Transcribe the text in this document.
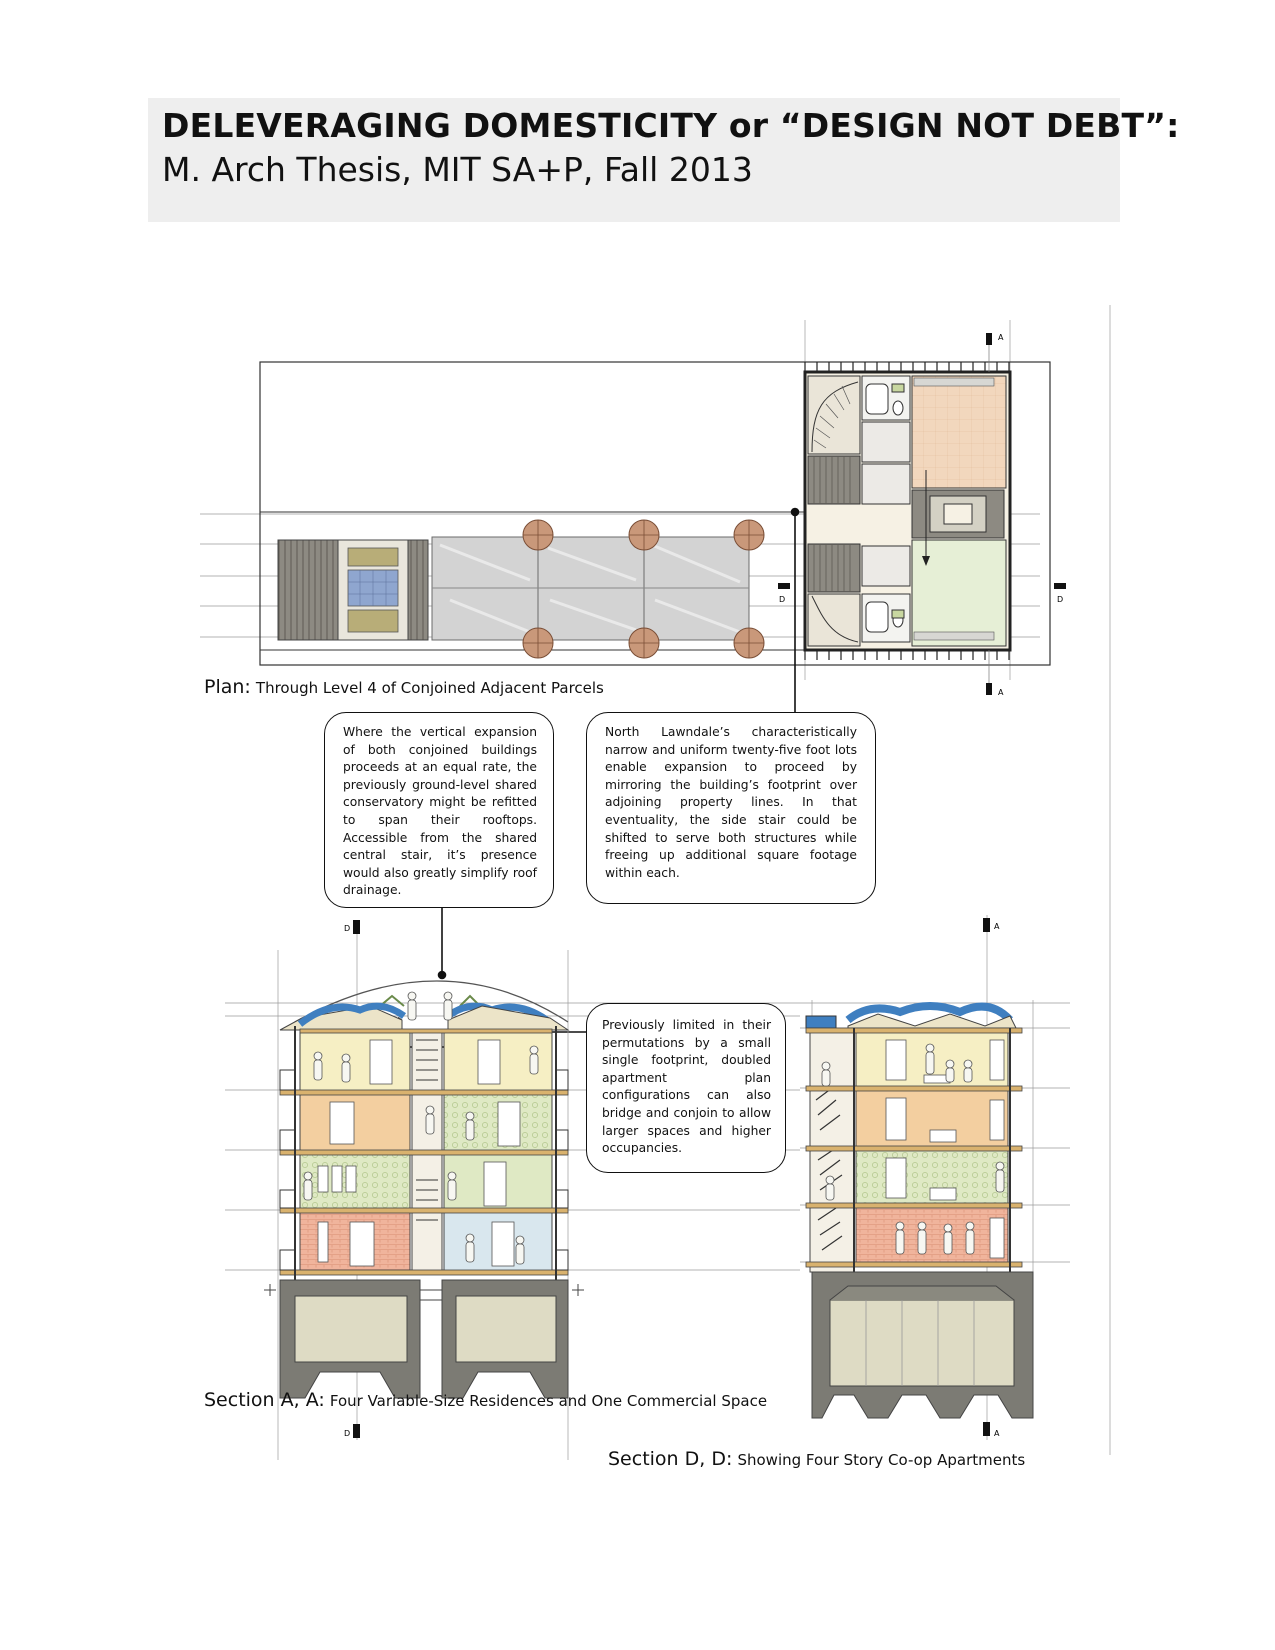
DELEVERAGING DOMESTICITY or “DESIGN NOT DEBT”:
M. Arch Thesis, MIT SA+P, Fall 2013
A
A
D	D
D
D
A
A
Plan: Through Level 4 of Conjoined Adjacent Parcels
Section A, A: Four Variable-Size Residences and One Commercial Space
Section D, D: Showing Four Story Co-op Apartments

Where the vertical expansion of both conjoined buildings proceeds at an equal rate, the previously ground-level shared conservatory might be refitted to span their rooftops. Accessible from the shared central stair, it’s presence would also greatly simplify roof drainage.

North Lawndale’s characteristically narrow and uniform twenty-five foot lots enable expansion to proceed by mirroring the building’s footprint over adjoining property lines. In that eventuality, the side stair could be shifted to serve both structures while freeing up additional square footage within each.

Previously limited in their permutations by a small single footprint, doubled apartment plan configurations can also bridge and conjoin to allow larger spaces and higher occupancies.
